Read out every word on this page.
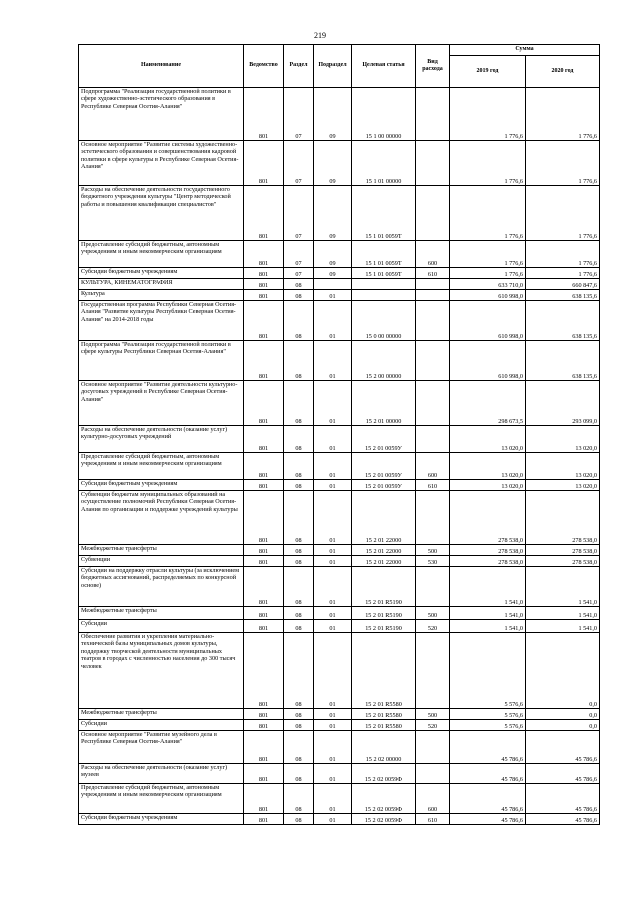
219
Наименование	Ведомство	Раздел	Подраздел	Целевая статья	Вид расхода	Сумма	
						2019 год	2020 год
Подпрограмма "Реализация государственной политики в сфере художественно-эстетического образования в Республике Северная Осетия-Алания"	801	07	09	15 1 00 00000		1 776,6	1 776,6
Основное мероприятие "Развитие системы художественно-эстетического образования и совершенствования кадровой политики в сфере культуры в Республике Северная Осетия-Алания"	801	07	09	15 1 01 00000		1 776,6	1 776,6
Расходы на обеспечение деятельности государственного бюджетного учреждения культуры "Центр методической работы и повышения квалификации специалистов"	801	07	09	15 1 01 0059Т		1 776,6	1 776,6
Предоставление субсидий бюджетным, автономным учреждениям и иным некоммерческим организациям	801	07	09	15 1 01 0059Т	600	1 776,6	1 776,6
Субсидии бюджетным учреждениям	801	07	09	15 1 01 0059Т	610	1 776,6	1 776,6
КУЛЬТУРА, КИНЕМАТОГРАФИЯ	801	08				633 710,0	660 847,6
Культура	801	08	01			610 998,0	638 135,6
Государственная программа Республики Северная Осетия-Алания "Развитие культуры Республики Северная Осетия-Алания" на 2014-2018 годы	801	08	01	15 0 00 00000		610 998,0	638 135,6
Подпрограмма "Реализация государственной политики в сфере культуры Республики Северная Осетия-Алания"	801	08	01	15 2 00 00000		610 998,0	638 135,6
Основное мероприятие "Развитие деятельности культурно-досуговых учреждений в Республике Северная Осетия-Алания"	801	08	01	15 2 01 00000		298 673,5	293 099,0
Расходы на обеспечение деятельности (оказание услуг) культурно-досуговых учреждений	801	08	01	15 2 01 0059У		13 020,0	13 020,0
Предоставление субсидий бюджетным, автономным учреждениям и иным некоммерческим организациям	801	08	01	15 2 01 0059У	600	13 020,0	13 020,0
Субсидии бюджетным учреждениям	801	08	01	15 2 01 0059У	610	13 020,0	13 020,0
Субвенции бюджетам муниципальных образований на осуществление полномочий Республики Северная Осетия-Алания по организации и поддержке учреждений культуры	801	08	01	15 2 01 22000		278 538,0	278 538,0
Межбюджетные трансферты	801	08	01	15 2 01 22000	500	278 538,0	278 538,0
Субвенции	801	08	01	15 2 01 22000	530	278 538,0	278 538,0
Субсидии на поддержку отрасли культуры (за исключением бюджетных ассигнований, распределяемых по конкурсной основе)	801	08	01	15 2 01 R5190		1 541,0	1 541,0
Межбюджетные трансферты	801	08	01	15 2 01 R5190	500	1 541,0	1 541,0
Субсидии	801	08	01	15 2 01 R5190	520	1 541,0	1 541,0
Обеспечение развития и укрепления материально-технической базы муниципальных домов культуры, поддержку творческой деятельности муниципальных театров в городах с численностью населения до 300 тысяч человек	801	08	01	15 2 01 R5580		5 576,6	0,0
Межбюджетные трансферты	801	08	01	15 2 01 R5580	500	5 576,6	0,0
Субсидии	801	08	01	15 2 01 R5580	520	5 576,6	0,0
Основное мероприятие "Развитие музейного дела в Республике Северная Осетия-Алания"	801	08	01	15 2 02 00000		45 786,6	45 786,6
Расходы на обеспечение деятельности (оказание услуг) музеев	801	08	01	15 2 02 0059Ф		45 786,6	45 786,6
Предоставление субсидий бюджетным, автономным учреждениям и иным некоммерческим организациям	801	08	01	15 2 02 0059Ф	600	45 786,6	45 786,6
Субсидии бюджетным учреждениям	801	08	01	15 2 02 0059Ф	610	45 786,6	45 786,6
